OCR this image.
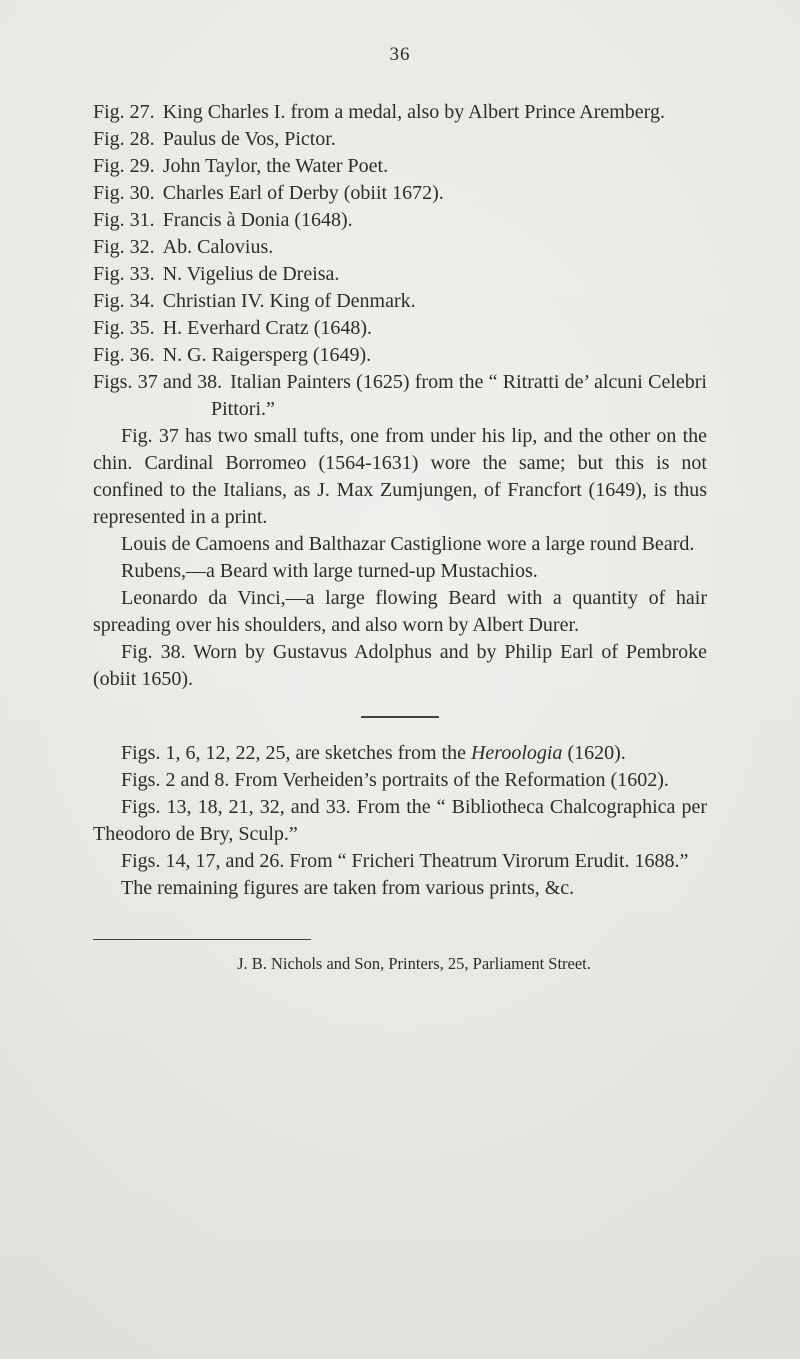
36
Fig. 27. King Charles I. from a medal, also by Albert Prince Aremberg.
Fig. 28. Paulus de Vos, Pictor.
Fig. 29. John Taylor, the Water Poet.
Fig. 30. Charles Earl of Derby (obiit 1672).
Fig. 31. Francis à Donia (1648).
Fig. 32. Ab. Calovius.
Fig. 33. N. Vigelius de Dreisa.
Fig. 34. Christian IV. King of Denmark.
Fig. 35. H. Everhard Cratz (1648).
Fig. 36. N. G. Raigersperg (1649).
Figs. 37 and 38. Italian Painters (1625) from the “ Ritratti de’ alcuni Celebri Pittori.”

Fig. 37 has two small tufts, one from under his lip, and the other on the chin. Cardinal Borromeo (1564-1631) wore the same; but this is not confined to the Italians, as J. Max Zumjungen, of Francfort (1649), is thus represented in a print.

Louis de Camoens and Balthazar Castiglione wore a large round Beard.

Rubens,—a Beard with large turned-up Mustachios.

Leonardo da Vinci,—a large flowing Beard with a quantity of hair spreading over his shoulders, and also worn by Albert Durer.

Fig. 38. Worn by Gustavus Adolphus and by Philip Earl of Pembroke (obiit 1650).

Figs. 1, 6, 12, 22, 25, are sketches from the Heroologia (1620).

Figs. 2 and 8. From Verheiden’s portraits of the Reformation (1602).

Figs. 13, 18, 21, 32, and 33. From the “ Bibliotheca Chalcographica per Theodoro de Bry, Sculp.”

Figs. 14, 17, and 26. From “ Fricheri Theatrum Virorum Erudit. 1688.”

The remaining figures are taken from various prints, &c.

J. B. Nichols and Son, Printers, 25, Parliament Street.
